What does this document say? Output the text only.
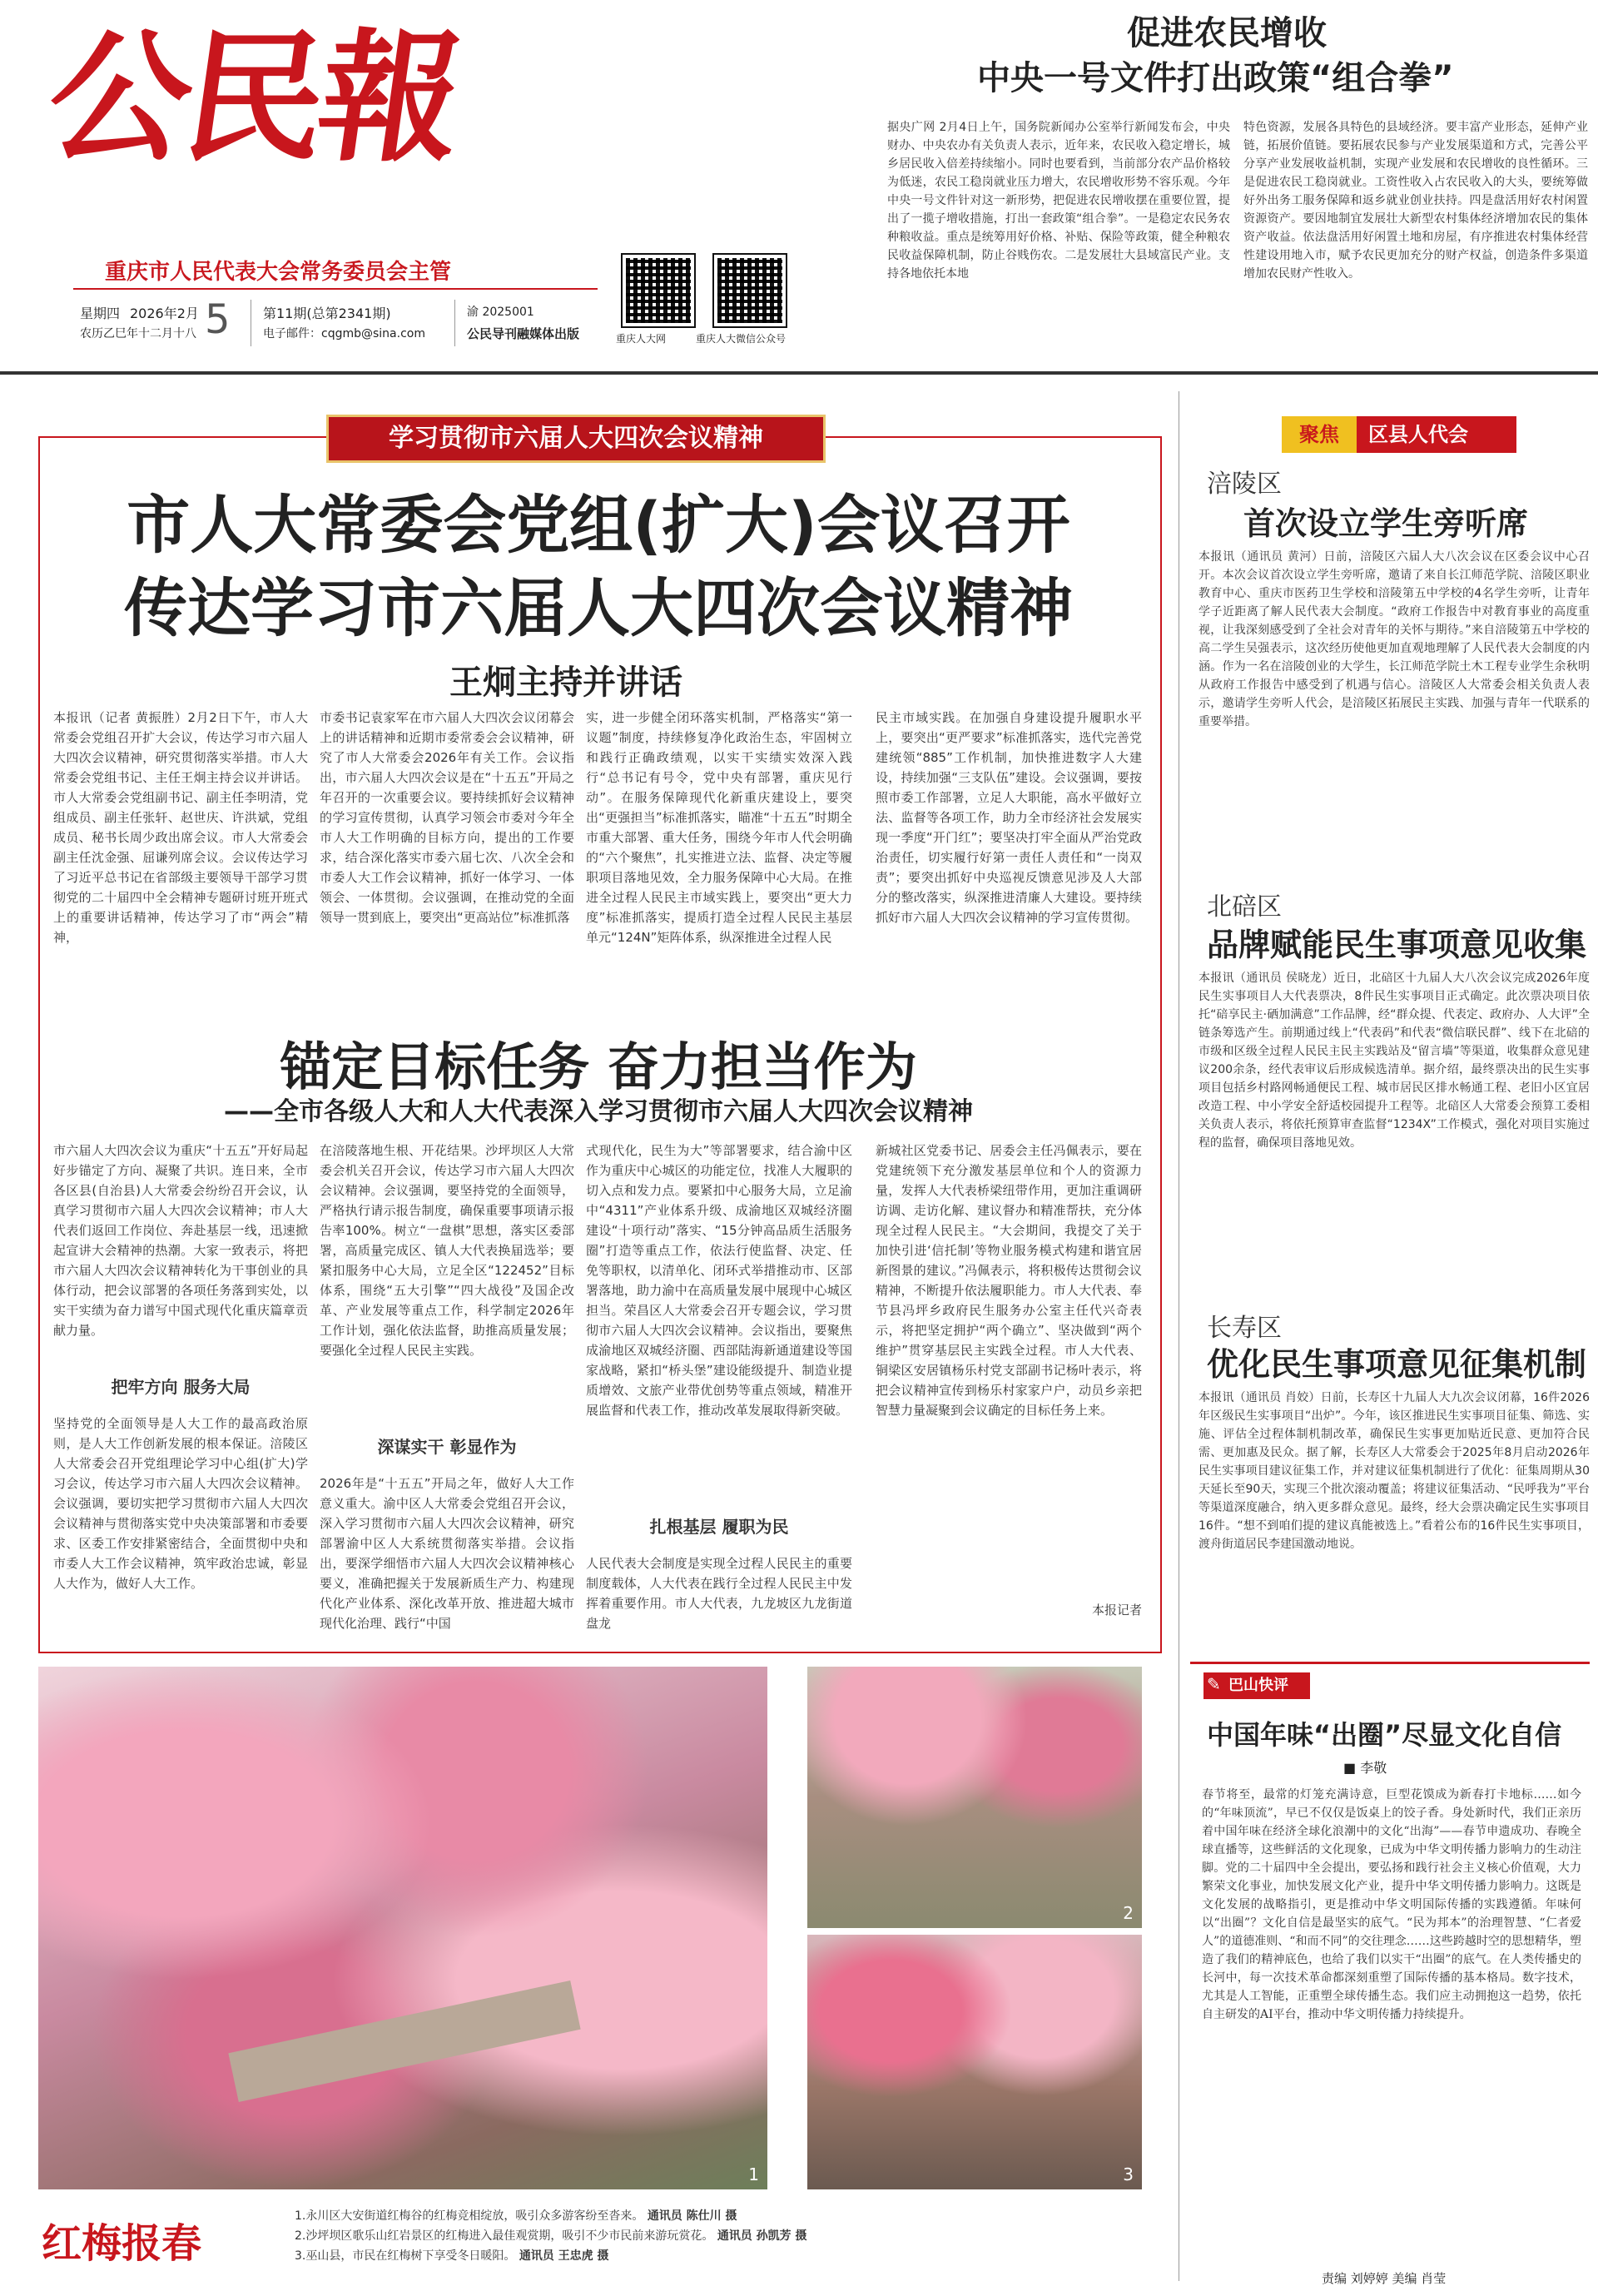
公民報
重庆市人民代表大会常务委员会主管
星期四 2026年2月
农历乙巳年十二月十八 5 第11期(总第2341期)
电子邮件：cqgmb@sina.com
渝 2025001
公民导刊融媒体出版	重庆人大网	重庆人大微信公众号
促进农民增收
中央一号文件打出政策“组合拳”
据央广网 2月4日上午，国务院新闻办公室举行新闻发布会，中央财办、中央农办有关负责人表示，近年来，农民收入稳定增长，城乡居民收入倍差持续缩小。同时也要看到，当前部分农产品价格较为低迷，农民工稳岗就业压力增大，农民增收形势不容乐观。今年中央一号文件针对这一新形势，把促进农民增收摆在重要位置，提出了一揽子增收措施，打出一套政策“组合拳”。一是稳定农民务农种粮收益。重点是统筹用好价格、补贴、保险等政策，健全种粮农民收益保障机制，防止谷贱伤农。二是发展壮大县域富民产业。支持各地依托本地
特色资源，发展各具特色的县域经济。要丰富产业形态，延伸产业链，拓展价值链。要拓展农民参与产业发展渠道和方式，完善公平分享产业发展收益机制，实现产业发展和农民增收的良性循环。三是促进农民工稳岗就业。工资性收入占农民收入的大头，要统筹做好外出务工服务保障和返乡就业创业扶持。四是盘活用好农村闲置资源资产。要因地制宜发展壮大新型农村集体经济增加农民的集体资产收益。依法盘活用好闲置土地和房屋，有序推进农村集体经营性建设用地入市，赋予农民更加充分的财产权益，创造条件多渠道增加农民财产性收入。
学习贯彻市六届人大四次会议精神
市人大常委会党组(扩大)会议召开
传达学习市六届人大四次会议精神
王炯主持并讲话
本报讯（记者 黄振胜）2月2日下午，市人大常委会党组召开扩大会议，传达学习市六届人大四次会议精神，研究贯彻落实举措。市人大常委会党组书记、主任王炯主持会议并讲话。市人大常委会党组副书记、副主任李明清，党组成员、副主任张轩、赵世庆、许洪斌，党组成员、秘书长周少政出席会议。市人大常委会副主任沈金强、屈谦列席会议。会议传达学习了习近平总书记在省部级主要领导干部学习贯彻党的二十届四中全会精神专题研讨班开班式上的重要讲话精神，传达学习了市“两会”精神，
市委书记袁家军在市六届人大四次会议闭幕会上的讲话精神和近期市委常委会会议精神，研究了市人大常委会2026年有关工作。会议指出，市六届人大四次会议是在“十五五”开局之年召开的一次重要会议。要持续抓好会议精神的学习宣传贯彻，认真学习领会市委对今年全市人大工作明确的目标方向，提出的工作要求，结合深化落实市委六届七次、八次全会和市委人大工作会议精神，抓好一体学习、一体领会、一体贯彻。会议强调，在推动党的全面领导一贯到底上，要突出“更高站位”标准抓落
实，进一步健全闭环落实机制，严格落实“第一议题”制度，持续修复净化政治生态，牢固树立和践行正确政绩观，以实干实绩实效深入践行“总书记有号令，党中央有部署，重庆见行动”。在服务保障现代化新重庆建设上，要突出“更强担当”标准抓落实，瞄准“十五五”时期全市重大部署、重大任务，围绕今年市人代会明确的“六个聚焦”，扎实推进立法、监督、决定等履职项目落地见效，全力服务保障中心大局。在推进全过程人民民主市域实践上，要突出“更大力度”标准抓落实，提质打造全过程人民民主基层单元“124N”矩阵体系，纵深推进全过程人民
民主市域实践。在加强自身建设提升履职水平上，要突出“更严要求”标准抓落实，选代完善党建统领“885”工作机制，加快推进数字人大建设，持续加强“三支队伍”建设。会议强调，要按照市委工作部署，立足人大职能，高水平做好立法、监督等各项工作，助力全市经济社会发展实现一季度“开门红”；要坚决打牢全面从严治党政治责任，切实履行好第一责任人责任和“一岗双责”；要突出抓好中央巡视反馈意见涉及人大部分的整改落实，纵深推进清廉人大建设。要持续抓好市六届人大四次会议精神的学习宣传贯彻。
锚定目标任务 奋力担当作为
——全市各级人大和人大代表深入学习贯彻市六届人大四次会议精神
市六届人大四次会议为重庆“十五五”开好局起好步锚定了方向、凝聚了共识。连日来，全市各区县(自治县)人大常委会纷纷召开会议，认真学习贯彻市六届人大四次会议精神；市人大代表们返回工作岗位、奔赴基层一线，迅速掀起宣讲大会精神的热潮。大家一致表示，将把市六届人大四次会议精神转化为干事创业的具体行动，把会议部署的各项任务落到实处，以实干实绩为奋力谱写中国式现代化重庆篇章贡献力量。
把牢方向 服务大局
坚持党的全面领导是人大工作的最高政治原则，是人大工作创新发展的根本保证。涪陵区人大常委会召开党组理论学习中心组(扩大)学习会议，传达学习市六届人大四次会议精神。会议强调，要切实把学习贯彻市六届人大四次会议精神与贯彻落实党中央决策部署和市委要求、区委工作安排紧密结合，全面贯彻中央和市委人大工作会议精神，筑牢政治忠诚，彰显人大作为，做好人大工作。
在涪陵落地生根、开花结果。沙坪坝区人大常委会机关召开会议，传达学习市六届人大四次会议精神。会议强调，要坚持党的全面领导，严格执行请示报告制度，确保重要事项请示报告率100%。树立“一盘棋”思想，落实区委部署，高质量完成区、镇人大代表换届选举；要紧扣服务中心大局，立足全区“122452”目标体系，围绕“五大引擎”“四大战役”及国企改革、产业发展等重点工作，科学制定2026年工作计划，强化依法监督，助推高质量发展；要强化全过程人民民主实践。
深谋实干 彰显作为
2026年是“十五五”开局之年，做好人大工作意义重大。渝中区人大常委会党组召开会议，深入学习贯彻市六届人大四次会议精神，研究部署渝中区人大系统贯彻落实举措。会议指出，要深学细悟市六届人大四次会议精神核心要义，准确把握关于发展新质生产力、构建现代化产业体系、深化改革开放、推进超大城市现代化治理、践行“中国
式现代化，民生为大”等部署要求，结合渝中区作为重庆中心城区的功能定位，找准人大履职的切入点和发力点。要紧扣中心服务大局，立足渝中“4311”产业体系升级、成渝地区双城经济圈建设“十项行动”落实、“15分钟高品质生活服务圈”打造等重点工作，依法行使监督、决定、任免等职权，以清单化、闭环式举措推动市、区部署落地，助力渝中在高质量发展中展现中心城区担当。荣昌区人大常委会召开专题会议，学习贯彻市六届人大四次会议精神。会议指出，要聚焦成渝地区双城经济圈、西部陆海新通道建设等国家战略，紧扣“桥头堡”建设能级提升、制造业提质增效、文旅产业带优创势等重点领域，精准开展监督和代表工作，推动改革发展取得新突破。
扎根基层 履职为民
人民代表大会制度是实现全过程人民民主的重要制度载体，人大代表在践行全过程人民民主中发挥着重要作用。市人大代表，九龙坡区九龙街道盘龙
新城社区党委书记、居委会主任冯佩表示，要在党建统领下充分激发基层单位和个人的资源力量，发挥人大代表桥梁纽带作用，更加注重调研访调、走访化解、建议督办和精准帮扶，充分体现全过程人民民主。“大会期间，我提交了关于加快引进‘信托制’等物业服务模式构建和谐宜居新图景的建议。”冯佩表示，将积极传达贯彻会议精神，不断提升依法履职能力。市人大代表、奉节县冯坪乡政府民生服务办公室主任代兴奇表示，将把坚定拥护“两个确立”、坚决做到“两个维护”贯穿基层民主实践全过程。市人大代表、铜梁区安居镇杨乐村党支部副书记杨叶表示，将把会议精神宣传到杨乐村家家户户，动员乡亲把智慧力量凝聚到会议确定的目标任务上来。
本报记者
1
2
3
红梅报春
1.永川区大安街道红梅谷的红梅竞相绽放，吸引众多游客纷至沓来。 通讯员 陈仕川 摄
2.沙坪坝区歌乐山红岩景区的红梅进入最佳观赏期，吸引不少市民前来游玩赏花。 通讯员 孙凯芳 摄
3.巫山县，市民在红梅树下享受冬日暖阳。 通讯员 王忠虎 摄
聚焦	区县人代会
涪陵区
首次设立学生旁听席
本报讯（通讯员 黄河）日前，涪陵区六届人大八次会议在区委会议中心召开。本次会议首次设立学生旁听席，邀请了来自长江师范学院、涪陵区职业教育中心、重庆市医药卫生学校和涪陵第五中学校的4名学生旁听，让青年学子近距离了解人民代表大会制度。“政府工作报告中对教育事业的高度重视，让我深刻感受到了全社会对青年的关怀与期待。”来自涪陵第五中学校的高二学生吴强表示，这次经历使他更加直观地理解了人民代表大会制度的内涵。作为一名在涪陵创业的大学生，长江师范学院土木工程专业学生余秋明从政府工作报告中感受到了机遇与信心。涪陵区人大常委会相关负责人表示，邀请学生旁听人代会，是涪陵区拓展民主实践、加强与青年一代联系的重要举措。
北碚区
品牌赋能民生事项意见收集
本报讯（通讯员 侯晓龙）近日，北碚区十九届人大八次会议完成2026年度民生实事项目人大代表票决，8件民生实事项目正式确定。此次票决项目依托“碚享民主·硒加满意”工作品牌，经“群众提、代表定、政府办、人大评”全链条筹选产生。前期通过线上“代表码”和代表“微信联民群”、线下在北碚的市级和区级全过程人民民主民主实践站及“留言墙”等渠道，收集群众意见建议200余条，经代表审议后形成候选清单。据介绍，最终票决出的民生实事项目包括乡村路网畅通便民工程、城市居民区排水畅通工程、老旧小区宜居改造工程、中小学安全舒适校园提升工程等。北碚区人大常委会预算工委相关负责人表示，将依托预算审查监督“1234X”工作模式，强化对项目实施过程的监督，确保项目落地见效。
长寿区
优化民生事项意见征集机制
本报讯（通讯员 肖姣）日前，长寿区十九届人大九次会议闭幕，16件2026年区级民生实事项目“出炉”。今年，该区推进民生实事项目征集、筛选、实施、评估全过程体制机制改革，确保民生实事更加贴近民意、更加符合民需、更加惠及民众。据了解，长寿区人大常委会于2025年8月启动2026年民生实事项目建议征集工作，并对建议征集机制进行了优化：征集周期从30天延长至90天，实现三个批次滚动覆盖；将建议征集活动、“民呼我为”平台等渠道深度融合，纳入更多群众意见。最终，经大会票决确定民生实事项目16件。“想不到咱们提的建议真能被选上。”看着公布的16件民生实事项目，渡舟街道居民李建国激动地说。
✎ 巴山快评
中国年味“出圈”尽显文化自信
■ 李敬
春节将至，最常的灯笼充满诗意，巨型花馍成为新春打卡地标……如今的“年味顶流”，早已不仅仅是饭桌上的饺子香。身处新时代，我们正亲历着中国年味在经济全球化浪潮中的文化“出海”——春节申遗成功、春晚全球直播等，这些鲜活的文化现象，已成为中华文明传播力影响力的生动注脚。党的二十届四中全会提出，要弘扬和践行社会主义核心价值观，大力繁荣文化事业，加快发展文化产业，提升中华文明传播力影响力。这既是文化发展的战略指引，更是推动中华文明国际传播的实践遵循。年味何以“出圈”？文化自信是最坚实的底气。“民为邦本”的治理智慧、“仁者爱人”的道德准则、“和而不同”的交往理念……这些跨越时空的思想精华，塑造了我们的精神底色，也给了我们以实干“出圈”的底气。在人类传播史的长河中，每一次技术革命都深刻重塑了国际传播的基本格局。数字技术，尤其是人工智能，正重塑全球传播生态。我们应主动拥抱这一趋势，依托自主研发的AI平台，推动中华文明传播力持续提升。
责编 刘婷婷 美编 肖莹
